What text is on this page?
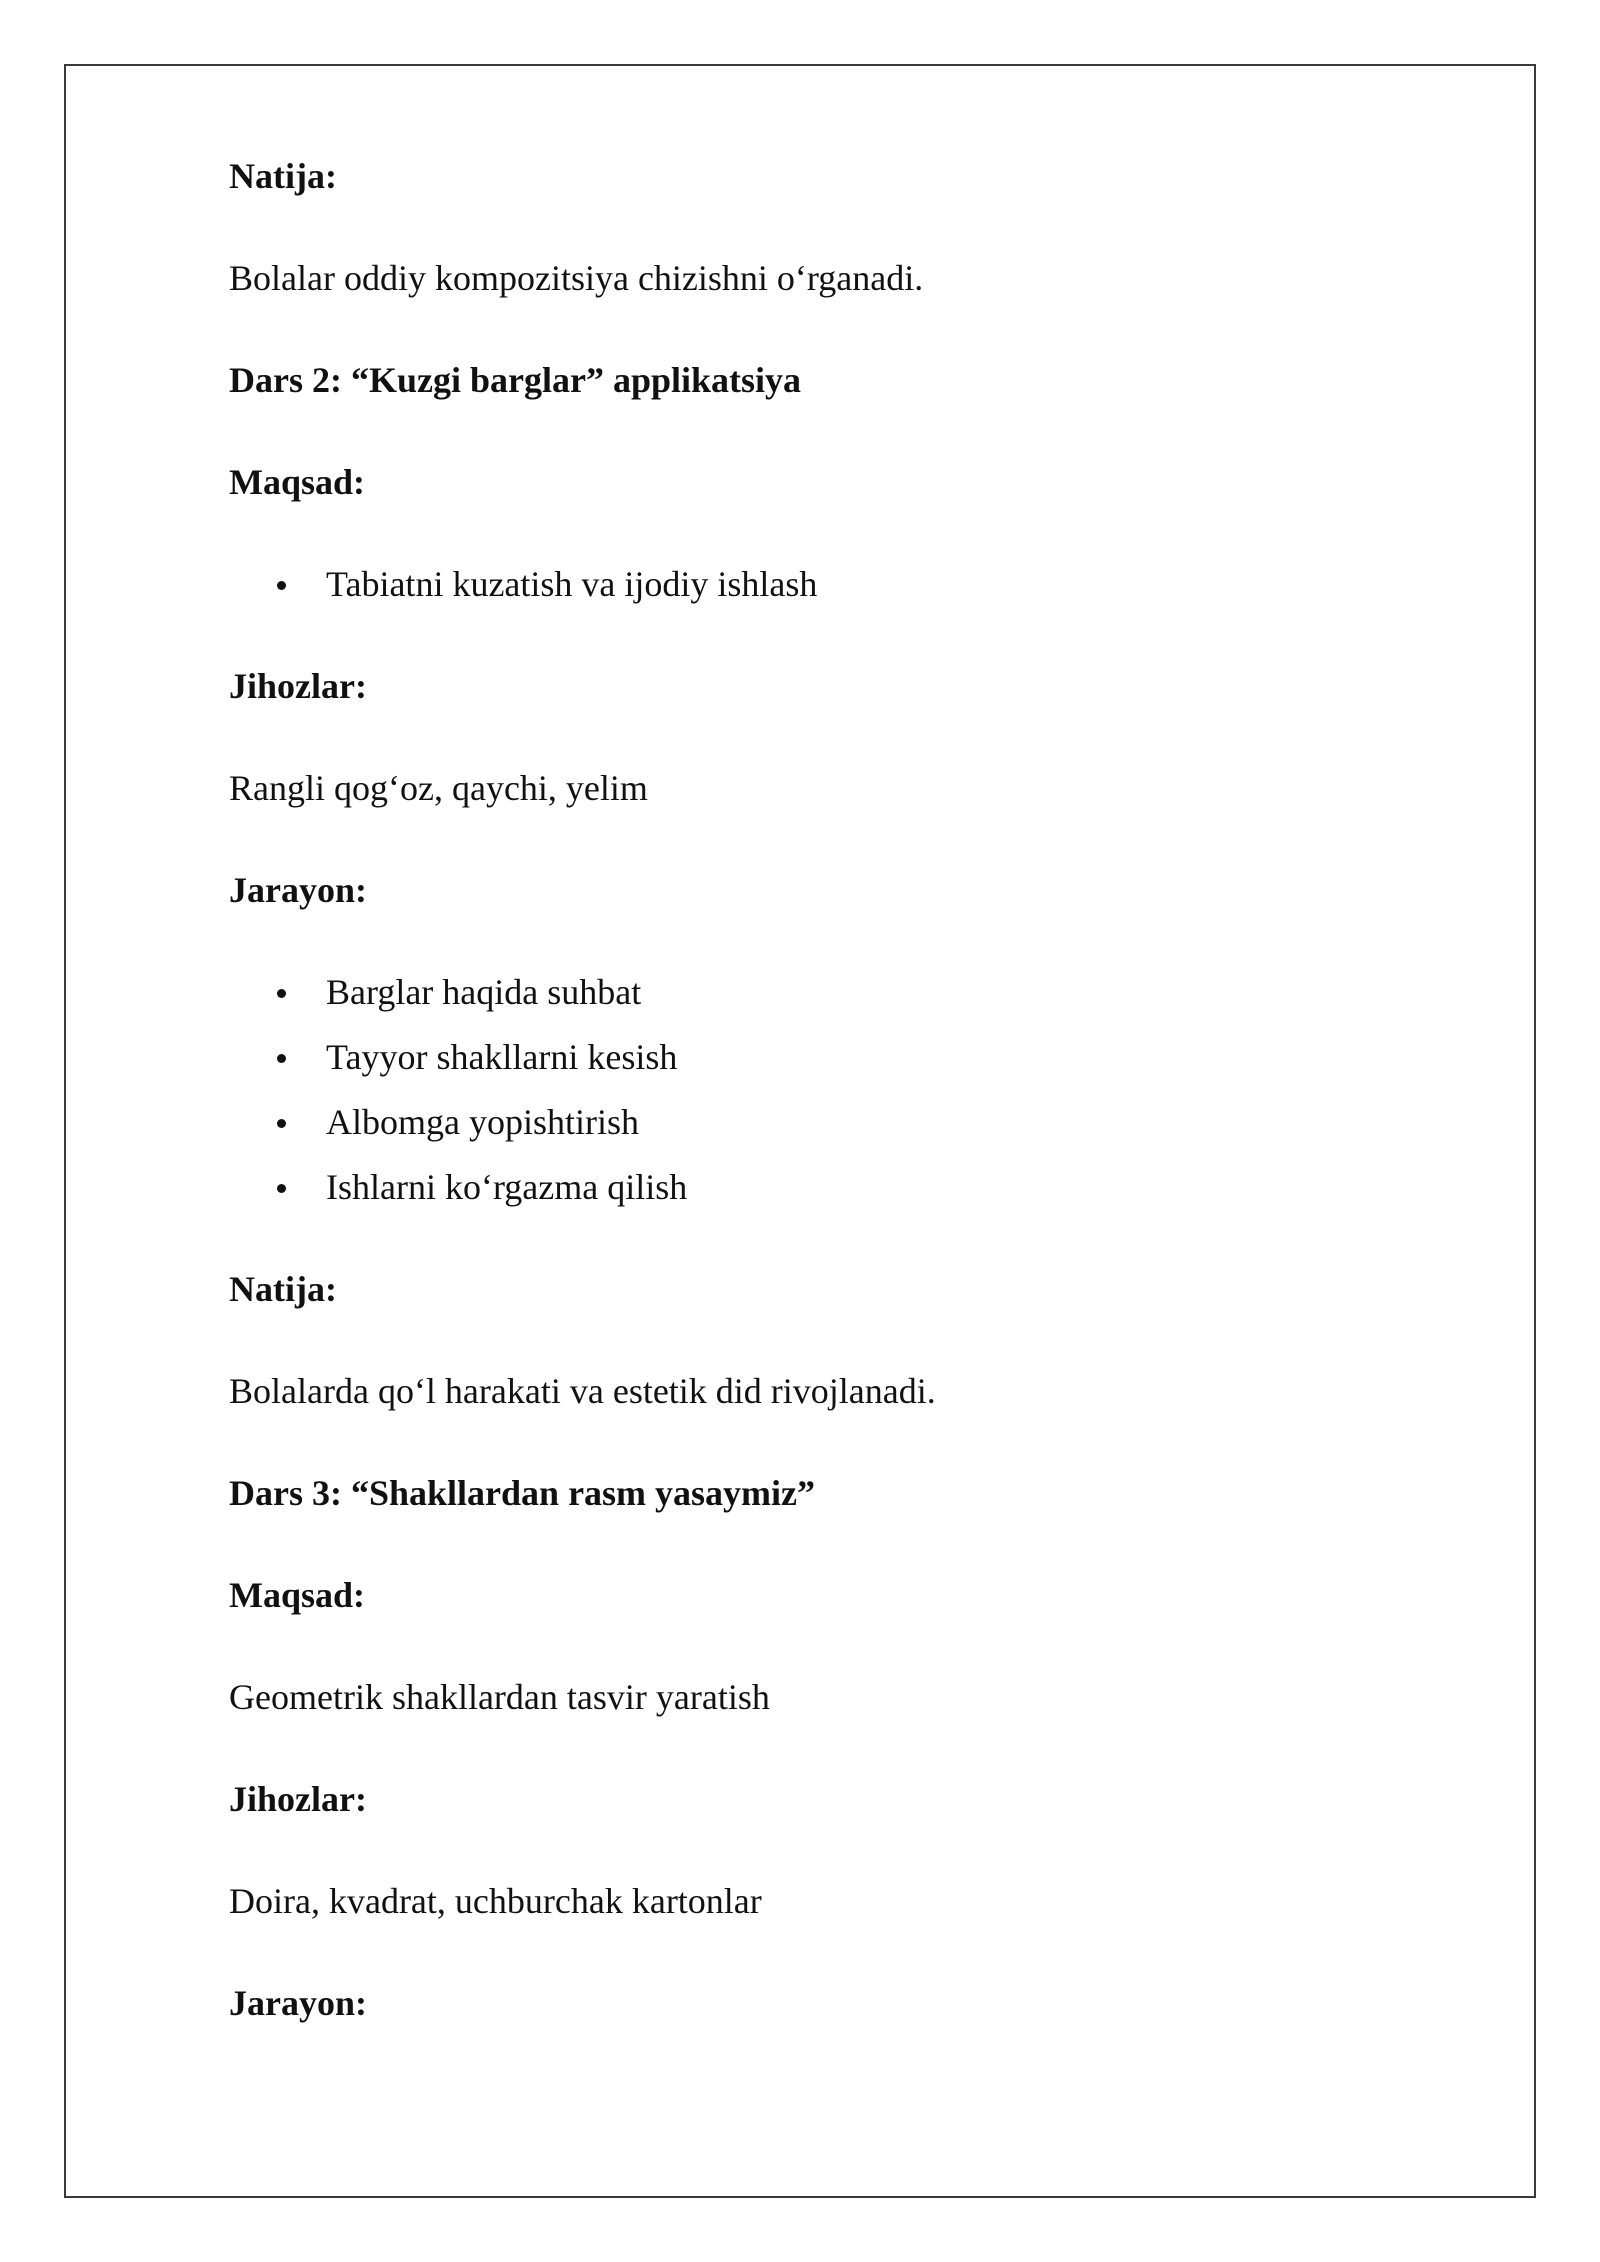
Natija:
Bolalar oddiy kompozitsiya chizishni o‘rganadi.
Dars 2: “Kuzgi barglar” applikatsiya
Maqsad:
Tabiatni kuzatish va ijodiy ishlash
Jihozlar:
Rangli qog‘oz, qaychi, yelim
Jarayon:
Barglar haqida suhbat
Tayyor shakllarni kesish
Albomga yopishtirish
Ishlarni ko‘rgazma qilish
Natija:
Bolalarda qo‘l harakati va estetik did rivojlanadi.
Dars 3: “Shakllardan rasm yasaymiz”
Maqsad:
Geometrik shakllardan tasvir yaratish
Jihozlar:
Doira, kvadrat, uchburchak kartonlar
Jarayon:
